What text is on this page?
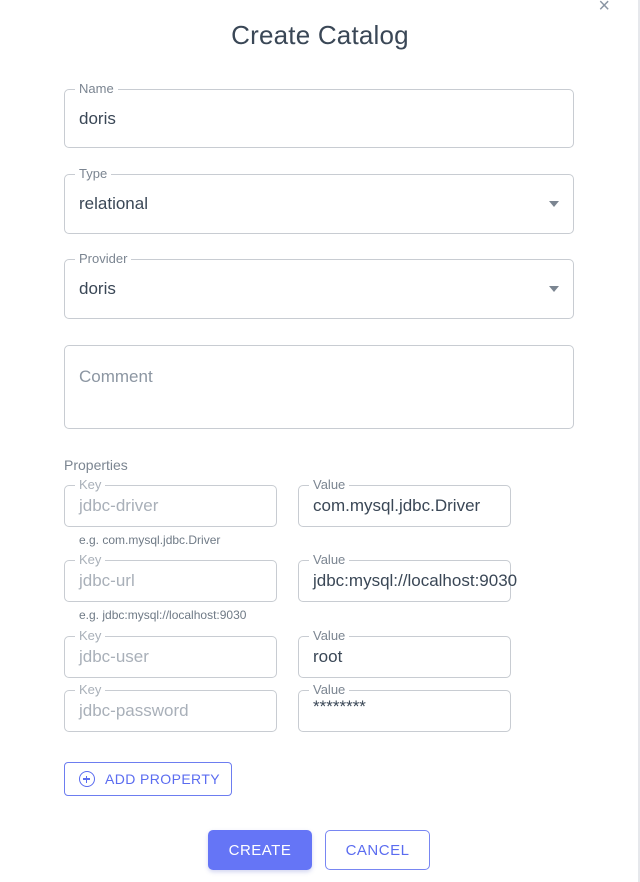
×
Create Catalog
Name
doris
Type
relational
Provider
doris
Comment
Properties
Key
jdbc-driver
Value
com.mysql.jdbc.Driver
e.g. com.mysql.jdbc.Driver
Key
jdbc-url
Value
jdbc:mysql://localhost:9030
e.g. jdbc:mysql://localhost:9030
Key
jdbc-user
Value
root
Key
jdbc-password
Value
********
ADD PROPERTY
CREATE	CANCEL
